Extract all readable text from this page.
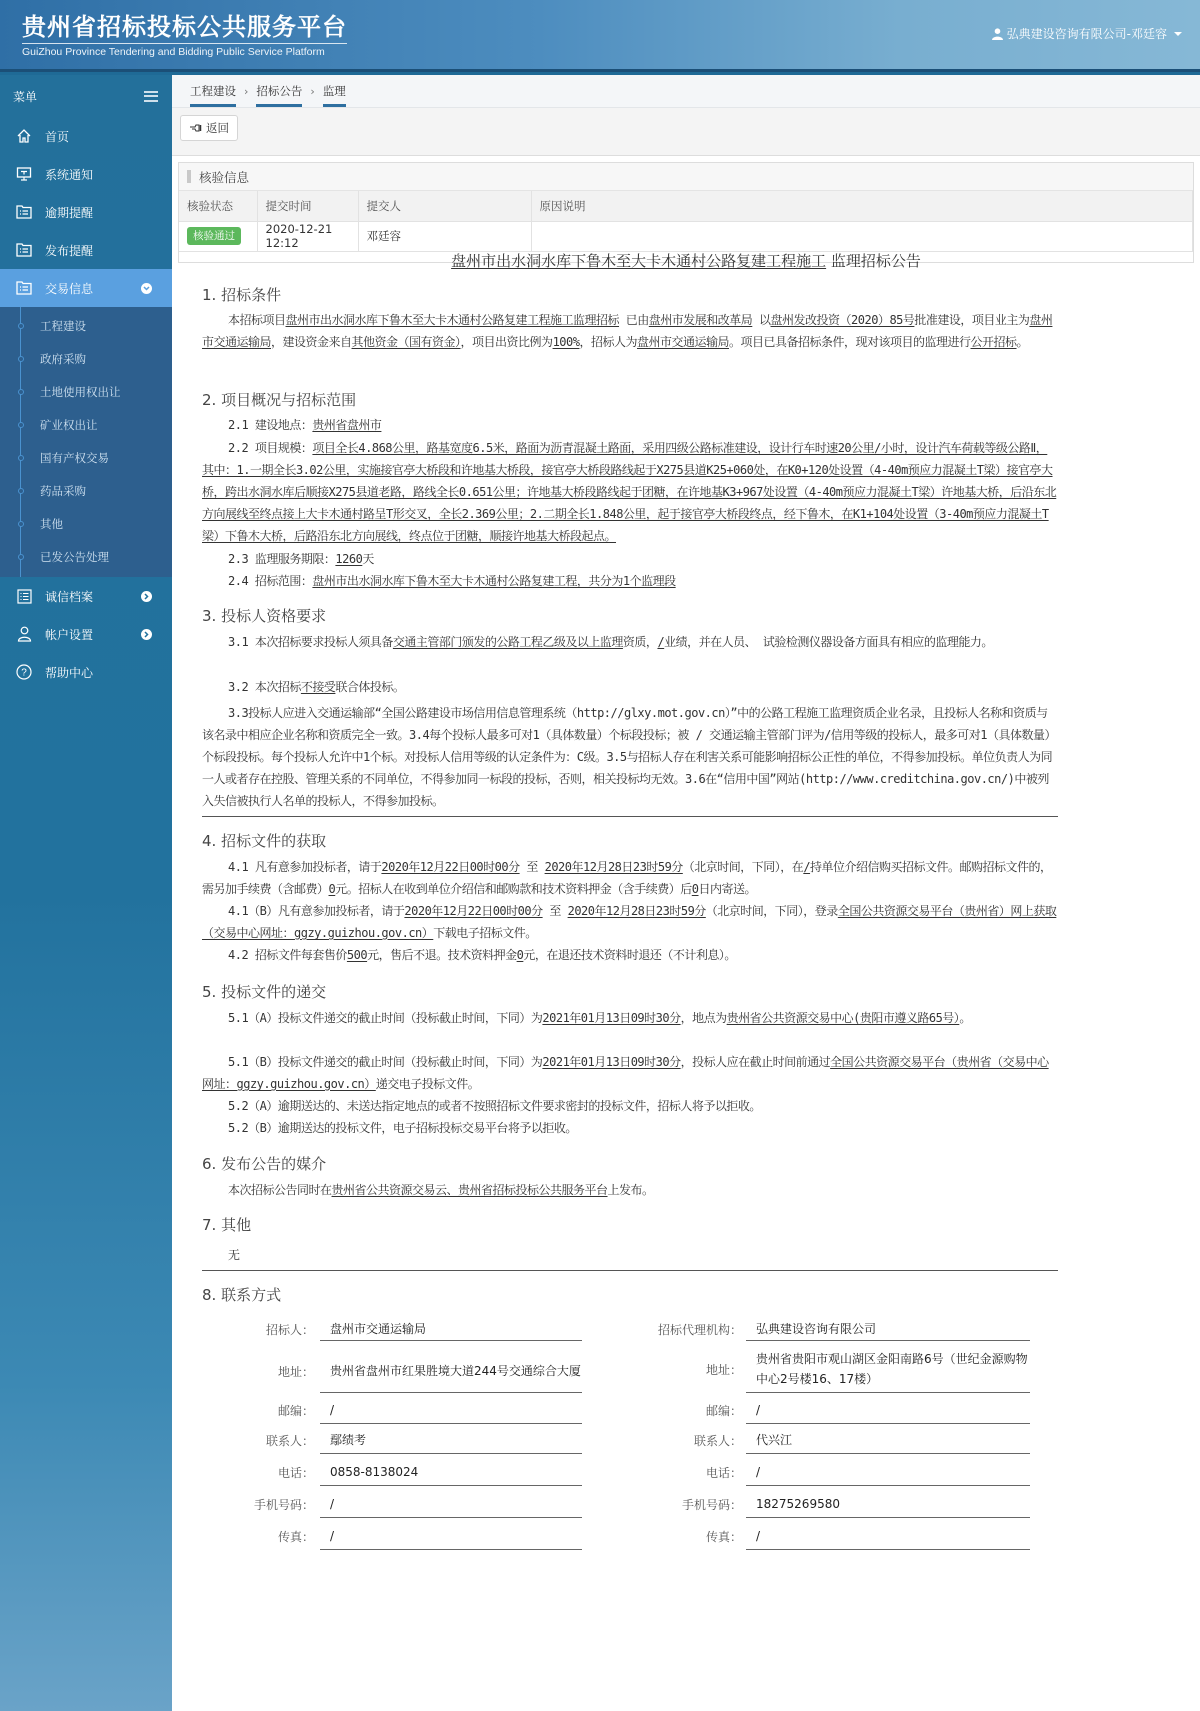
贵州省招标投标公共服务平台
GuiZhou Province Tendering and Bidding Public Service Platform
弘典建设咨询有限公司-邓廷容
菜单
首页
系统通知
逾期提醒
发布提醒
交易信息
工程建设
政府采购
土地使用权出让
矿业权出让
国有产权交易
药品采购
其他
已发公告处理
诚信档案
帐户设置
? 帮助中心
工程建设 › 招标公告 › 监理
返回
核验信息
核验状态	提交时间	提交人	原因说明
核验通过	2020-12-21 12:12	邓廷容	
盘州市出水洞水库下鲁木至大卡木通村公路复建工程施工 监理招标公告
1. 招标条件
本招标项目盘州市出水洞水库下鲁木至大卡木通村公路复建工程施工监理招标 已由盘州市发展和改革局 以盘州发改投资（2020）85号批准建设，项目业主为盘州市交通运输局，建设资金来自其他资金（国有资金），项目出资比例为100%，招标人为盘州市交通运输局。项目已具备招标条件，现对该项目的监理进行公开招标。
2. 项目概况与招标范围
2.1 建设地点：贵州省盘州市
2.2 项目规模：项目全长4.868公里，路基宽度6.5米，路面为沥青混凝土路面，采用四级公路标准建设，设计行车时速20公里/小时，设计汽车荷载等级公路Ⅱ，其中：1.一期全长3.02公里，实施接官亭大桥段和许地基大桥段，接官亭大桥段路线起于X275县道K25+060处，在K0+120处设置（4-40m预应力混凝土T梁）接官亭大桥，跨出水洞水库后顺接X275县道老路，路线全长0.651公里；许地基大桥段路线起于团糖，在许地基K3+967处设置（4-40m预应力混凝土T梁）许地基大桥，后沿东北方向展线至终点接上大卡木通村路呈T形交叉，全长2.369公里；2.二期全长1.848公里，起于接官亭大桥段终点，经下鲁木，在K1+104处设置（3-40m预应力混凝土T梁）下鲁木大桥，后路沿东北方向展线，终点位于团糖，顺接许地基大桥段起点。
2.3 监理服务期限：1260天
2.4 招标范围：盘州市出水洞水库下鲁木至大卡木通村公路复建工程，共分为1个监理段
3. 投标人资格要求
3.1 本次招标要求投标人须具备交通主管部门颁发的公路工程乙级及以上监理资质，/业绩，并在人员、 试验检测仪器设备方面具有相应的监理能力。
3.2 本次招标不接受联合体投标。
3.3投标人应进入交通运输部“全国公路建设市场信用信息管理系统（http://glxy.mot.gov.cn）”中的公路工程施工监理资质企业名录，且投标人名称和资质与该名录中相应企业名称和资质完全一致。3.4每个投标人最多可对1（具体数量）个标段投标；被 / 交通运输主管部门评为/信用等级的投标人，最多可对1（具体数量）个标段投标。每个投标人允许中1个标。对投标人信用等级的认定条件为：C级。3.5与招标人存在利害关系可能影响招标公正性的单位，不得参加投标。单位负责人为同一人或者存在控股、管理关系的不同单位，不得参加同一标段的投标，否则，相关投标均无效。3.6在“信用中国”网站(http://www.creditchina.gov.cn/)中被列入失信被执行人名单的投标人，不得参加投标。
4. 招标文件的获取
4.1 凡有意参加投标者，请于2020年12月22日00时00分 至 2020年12月28日23时59分（北京时间，下同），在/持单位介绍信购买招标文件。邮购招标文件的，需另加手续费（含邮费）0元。招标人在收到单位介绍信和邮购款和技术资料押金（含手续费）后0日内寄送。
4.1（B）凡有意参加投标者，请于2020年12月22日00时00分 至 2020年12月28日23时59分（北京时间，下同），登录全国公共资源交易平台（贵州省）网上获取（交易中心网址：ggzy.guizhou.gov.cn）下载电子招标文件。
4.2 招标文件每套售价500元，售后不退。技术资料押金0元，在退还技术资料时退还（不计利息）。
5. 投标文件的递交
5.1（A）投标文件递交的截止时间（投标截止时间，下同）为2021年01月13日09时30分，地点为贵州省公共资源交易中心(贵阳市遵义路65号）。
5.1（B）投标文件递交的截止时间（投标截止时间，下同）为2021年01月13日09时30分，投标人应在截止时间前通过全国公共资源交易平台（贵州省（交易中心网址：ggzy.guizhou.gov.cn）递交电子投标文件。
5.2（A）逾期送达的、未送达指定地点的或者不按照招标文件要求密封的投标文件，招标人将予以拒收。
5.2（B）逾期送达的投标文件，电子招标投标交易平台将予以拒收。
6. 发布公告的媒介
本次招标公告同时在贵州省公共资源交易云、贵州省招标投标公共服务平台上发布。
7. 其他
无
8. 联系方式
招标人：	盘州市交通运输局
地址：	贵州省盘州市红果胜境大道244号交通综合大厦
邮编：	/
联系人：	鄢绩考
电话：	0858-8138024
手机号码：	/
传真：	/
招标代理机构：	弘典建设咨询有限公司
地址：
贵州省贵阳市观山湖区金阳南路6号（世纪金源购物中心2号楼16、17楼）
邮编：	/
联系人：	代兴江
电话：	/
手机号码：	18275269580
传真：	/
